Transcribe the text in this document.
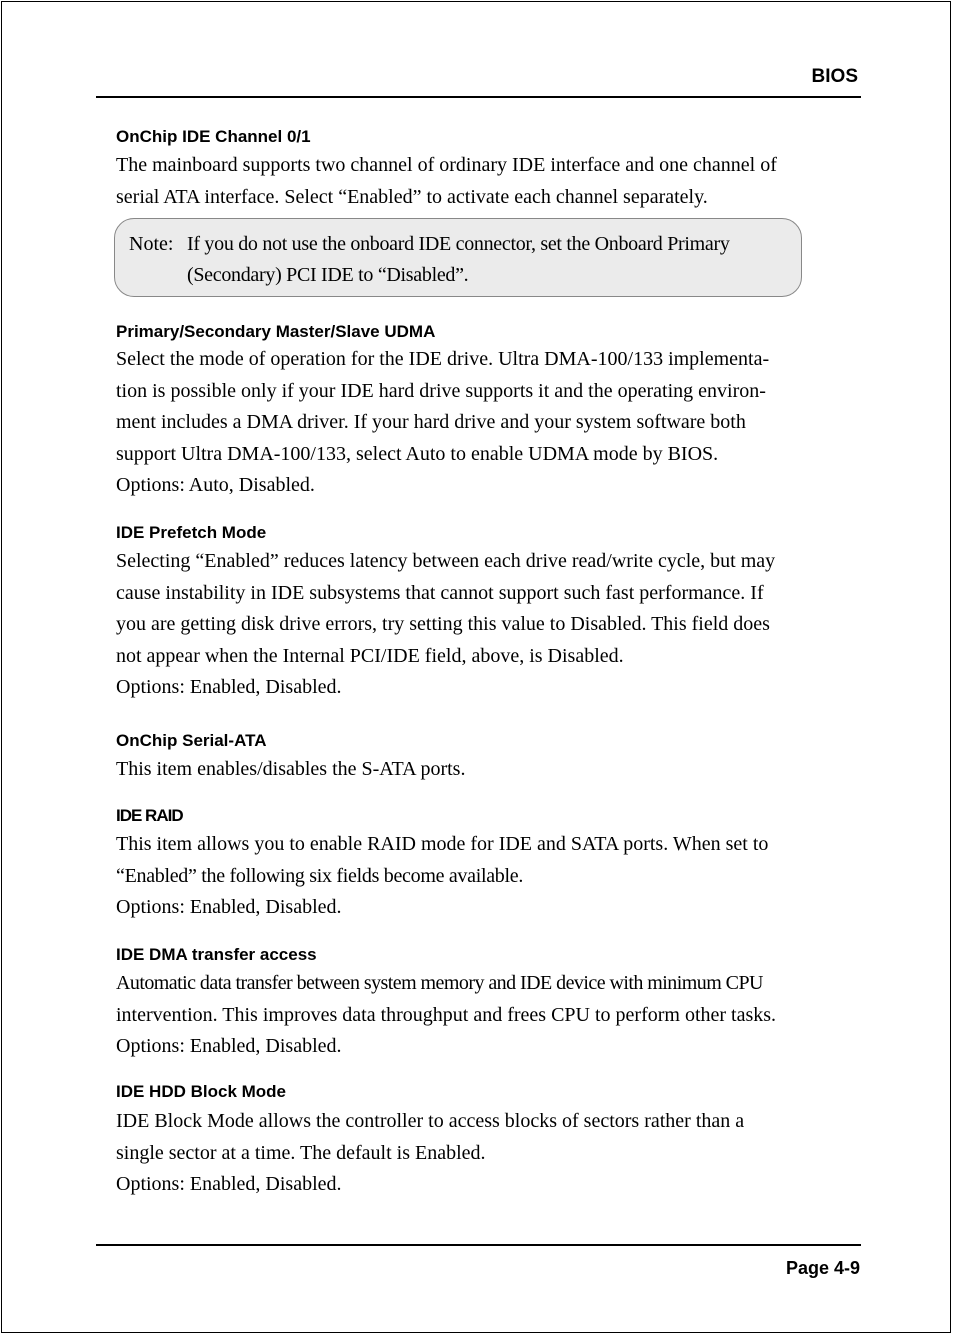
BIOS
OnChip IDE Channel 0/1
The mainboard supports two channel of ordinary IDE interface and one channel of
serial ATA interface. Select “Enabled” to activate each channel separately.
Primary/Secondary Master/Slave UDMA
Select the mode of operation for the IDE drive. Ultra DMA-100/133 implementa-
tion is possible only if your IDE hard drive supports it and the operating environ-
ment includes a DMA driver. If your hard drive and your system software both
support Ultra DMA-100/133, select Auto to enable UDMA mode by BIOS.
Options: Auto, Disabled.
IDE Prefetch Mode
Selecting “Enabled” reduces latency between each drive read/write cycle, but may
cause instability in IDE subsystems that cannot support such fast performance. If
you are getting disk drive errors, try setting this value to Disabled. This field does
not appear when the Internal PCI/IDE field, above, is Disabled.
Options: Enabled, Disabled.
OnChip Serial-ATA
This item enables/disables the S-ATA ports.
IDE RAID
This item allows you to enable RAID mode for IDE and SATA ports. When set to
“Enabled” the following six fields become available.
Options: Enabled, Disabled.
IDE DMA transfer access
Automatic data transfer between system memory and IDE device with minimum CPU
intervention. This improves data throughput and frees CPU to perform other tasks.
Options: Enabled, Disabled.
IDE HDD Block Mode
IDE Block Mode allows the controller to access blocks of sectors rather than a
single sector at a time. The default is Enabled.
Options: Enabled, Disabled.
Note: If you do not use the onboard IDE connector, set the Onboard Primary
(Secondary) PCI IDE to “Disabled”.
Page 4-9
